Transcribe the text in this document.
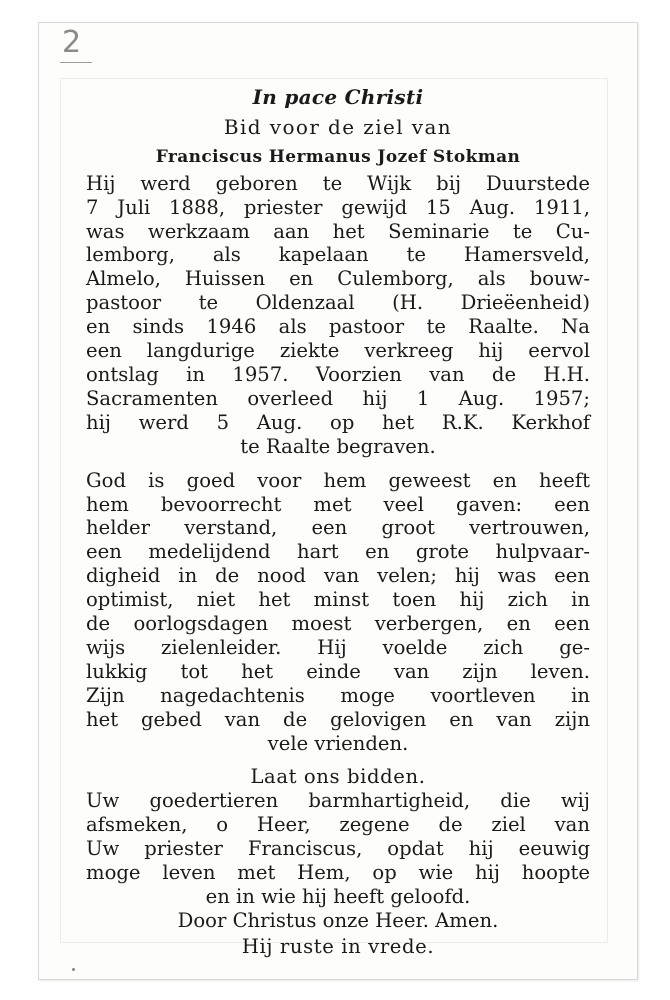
2
In pace Christi
Bid voor de ziel van
Franciscus Hermanus Jozef Stokman
Hij werd geboren te Wijk bij Duurstede
7 Juli 1888, priester gewijd 15 Aug. 1911,
was werkzaam aan het Seminarie te Cu-
lemborg, als kapelaan te Hamersveld,
Almelo, Huissen en Culemborg, als bouw-
pastoor te Oldenzaal (H. Drieëenheid)
en sinds 1946 als pastoor te Raalte. Na
een langdurige ziekte verkreeg hij eervol
ontslag in 1957. Voorzien van de H.H.
Sacramenten overleed hij 1 Aug. 1957;
hij werd 5 Aug. op het R.K. Kerkhof
te Raalte begraven.
God is goed voor hem geweest en heeft
hem bevoorrecht met veel gaven: een
helder verstand, een groot vertrouwen,
een medelijdend hart en grote hulpvaar-
digheid in de nood van velen; hij was een
optimist, niet het minst toen hij zich in
de oorlogsdagen moest verbergen, en een
wijs zielenleider. Hij voelde zich ge-
lukkig tot het einde van zijn leven.
Zijn nagedachtenis moge voortleven in
het gebed van de gelovigen en van zijn
vele vrienden.
Laat ons bidden.
Uw goedertieren barmhartigheid, die wij
afsmeken, o Heer, zegene de ziel van
Uw priester Franciscus, opdat hij eeuwig
moge leven met Hem, op wie hij hoopte
en in wie hij heeft geloofd.
Door Christus onze Heer. Amen.
Hij ruste in vrede.
